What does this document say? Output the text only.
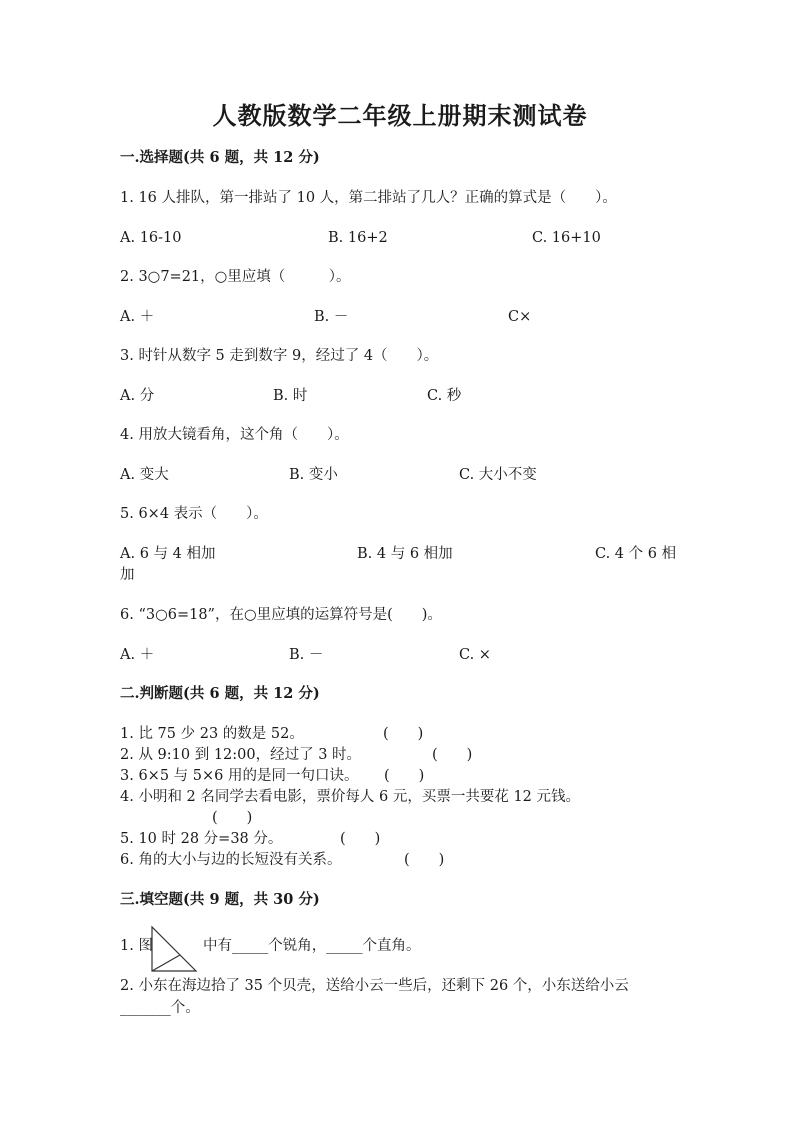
人教版数学二年级上册期末测试卷
一.选择题(共 6 题，共 12 分)
1. 16 人排队，第一排站了 10 人，第二排站了几人？正确的算式是（　　）。
A. 16-10	B. 16+2	C. 16+10
2. 3○7=21，○里应填（　　　）。
A. ＋	B. －	C×
3. 时针从数字 5 走到数字 9，经过了 4（　　）。
A. 分	B. 时	C. 秒
4. 用放大镜看角，这个角（　　）。
A. 变大	B. 变小	C. 大小不变
5. 6×4 表示（　　）。
A. 6 与 4 相加	B. 4 与 6 相加	C. 4 个 6 相
加
6. “3○6=18”，在○里应填的运算符号是(　　)。
A. ＋	B. －	C. ×
二.判断题(共 6 题，共 12 分)
1. 比 75 少 23 的数是 52。	(　　)
2. 从 9:10 到 12:00，经过了 3 时。	(　　)
3. 6×5 与 5×6 用的是同一句口诀。 (　　)
4. 小明和 2 名同学去看电影，票价每人 6 元，买票一共要花 12 元钱。
(　　)
5. 10 时 28 分=38 分。	(　　)
6. 角的大小与边的长短没有关系。	(　　)
三.填空题(共 9 题，共 30 分)
1. 图	中有_____个锐角，_____个直角。
2. 小东在海边拾了 35 个贝壳，送给小云一些后，还剩下 26 个，小东送给小云
_______个。
